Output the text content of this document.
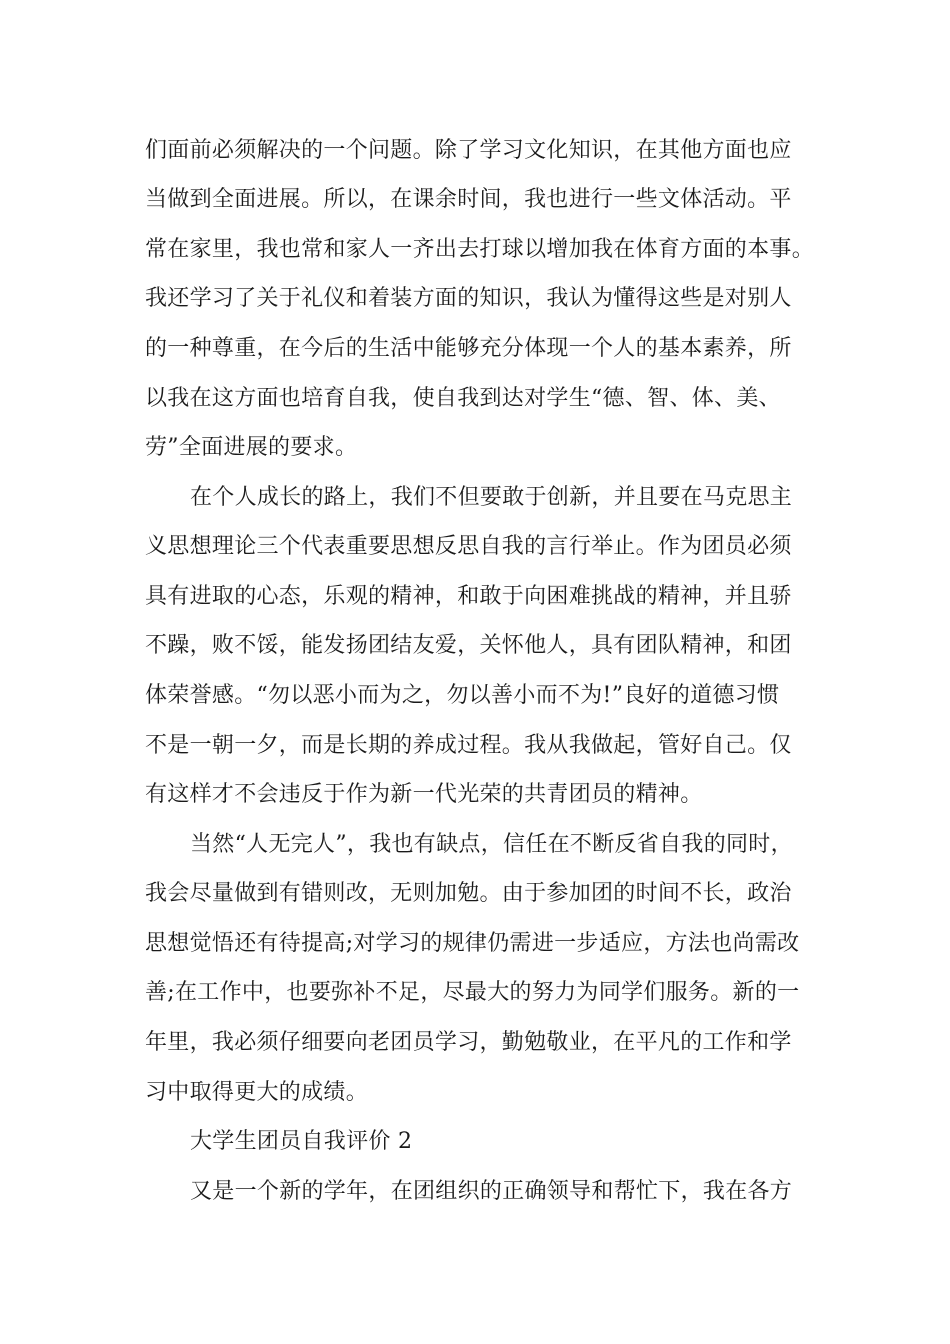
们面前必须解决的一个问题。除了学习文化知识，在其他方面也应
当做到全面进展。所以，在课余时间，我也进行一些文体活动。平
常在家里，我也常和家人一齐出去打球以增加我在体育方面的本事。
我还学习了关于礼仪和着装方面的知识，我认为懂得这些是对别人
的一种尊重，在今后的生活中能够充分体现一个人的基本素养，所
以我在这方面也培育自我，使自我到达对学生“德、智、体、美、
劳”全面进展的要求。
在个人成长的路上，我们不但要敢于创新，并且要在马克思主
义思想理论三个代表重要思想反思自我的言行举止。作为团员必须
具有进取的心态，乐观的精神，和敢于向困难挑战的精神，并且骄
不躁，败不馁，能发扬团结友爱，关怀他人，具有团队精神，和团
体荣誉感。“勿以恶小而为之，勿以善小而不为!”良好的道德习惯
不是一朝一夕，而是长期的养成过程。我从我做起，管好自己。仅
有这样才不会违反于作为新一代光荣的共青团员的精神。
当然“人无完人”，我也有缺点，信任在不断反省自我的同时，
我会尽量做到有错则改，无则加勉。由于参加团的时间不长，政治
思想觉悟还有待提高;对学习的规律仍需进一步适应，方法也尚需改
善;在工作中，也要弥补不足，尽最大的努力为同学们服务。新的一
年里，我必须仔细要向老团员学习，勤勉敬业，在平凡的工作和学
习中取得更大的成绩。
大学生团员自我评价 2
又是一个新的学年，在团组织的正确领导和帮忙下，我在各方
